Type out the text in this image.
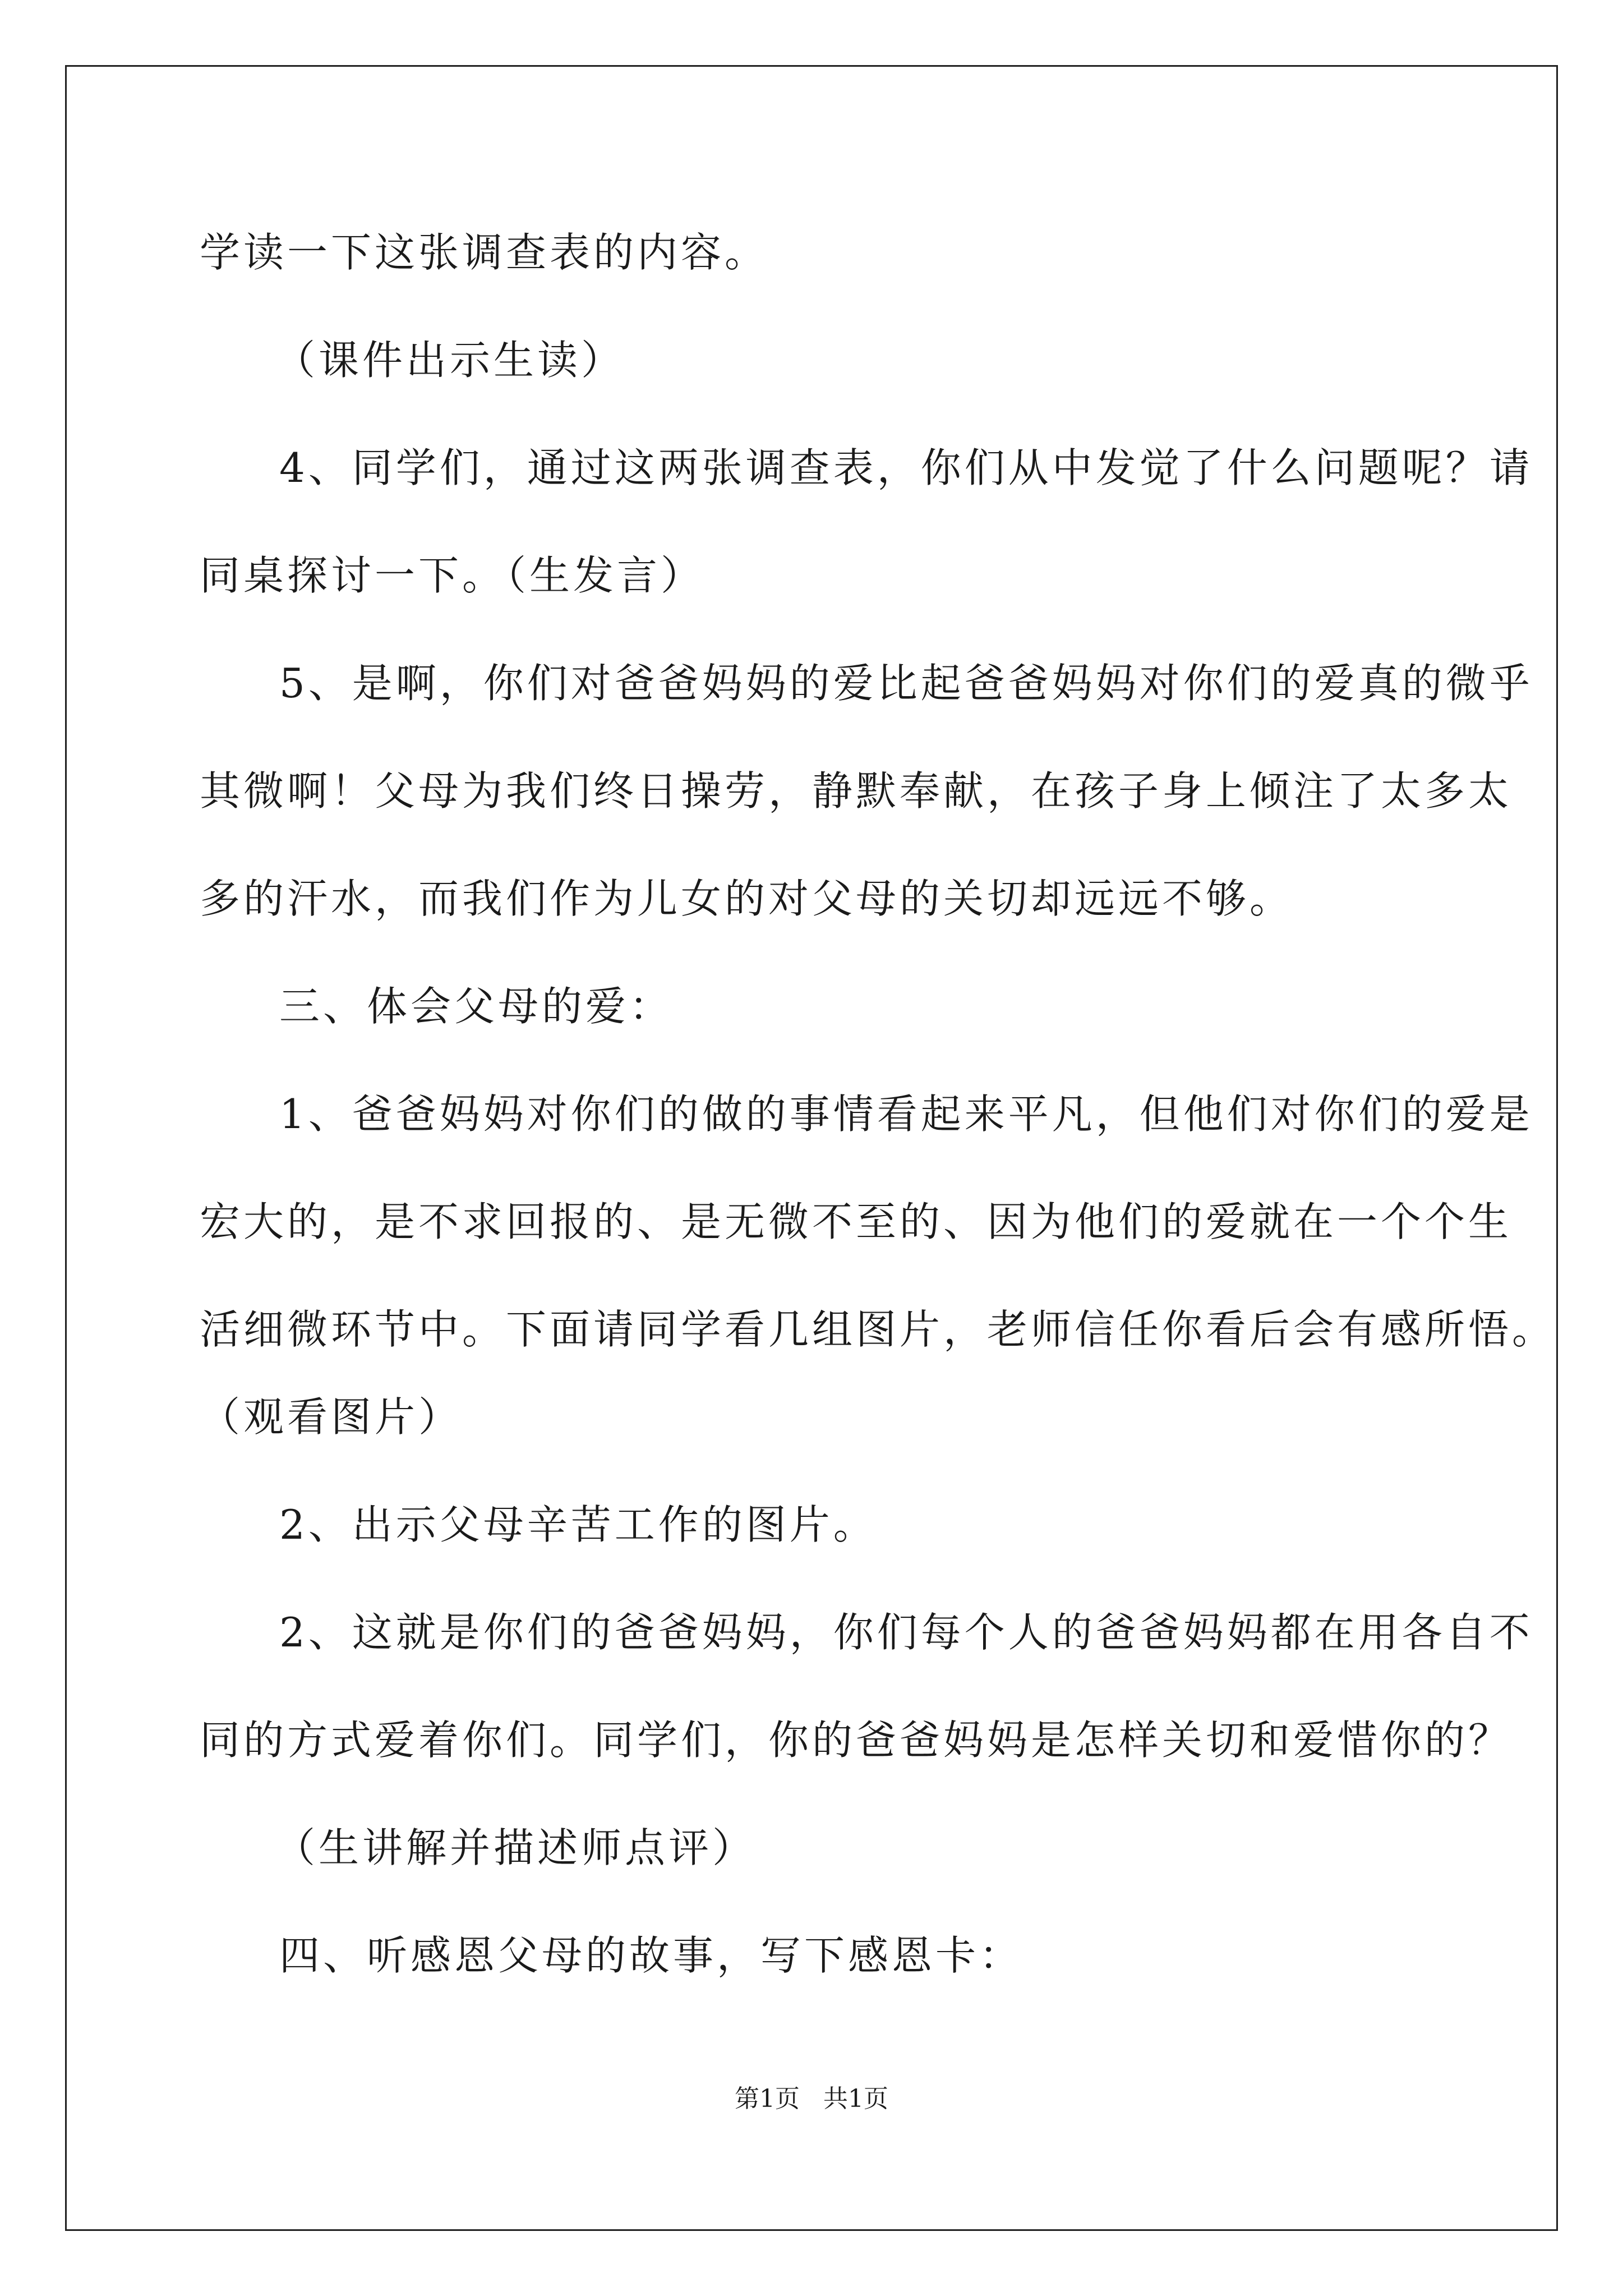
学读一下这张调查表的内容。
（课件出示生读）
4、同学们，通过这两张调查表，你们从中发觉了什么问题呢？请
同桌探讨一下。（生发言）
5、是啊，你们对爸爸妈妈的爱比起爸爸妈妈对你们的爱真的微乎
其微啊！父母为我们终日操劳，静默奉献，在孩子身上倾注了太多太
多的汗水，而我们作为儿女的对父母的关切却远远不够。
三、体会父母的爱：
1、爸爸妈妈对你们的做的事情看起来平凡，但他们对你们的爱是
宏大的，是不求回报的、是无微不至的、因为他们的爱就在一个个生
活细微环节中。下面请同学看几组图片，老师信任你看后会有感所悟。
（观看图片）
2、出示父母辛苦工作的图片。
2、这就是你们的爸爸妈妈，你们每个人的爸爸妈妈都在用各自不
同的方式爱着你们。同学们，你的爸爸妈妈是怎样关切和爱惜你的？
（生讲解并描述师点评）
四、听感恩父母的故事，写下感恩卡：
第1页   共1页
